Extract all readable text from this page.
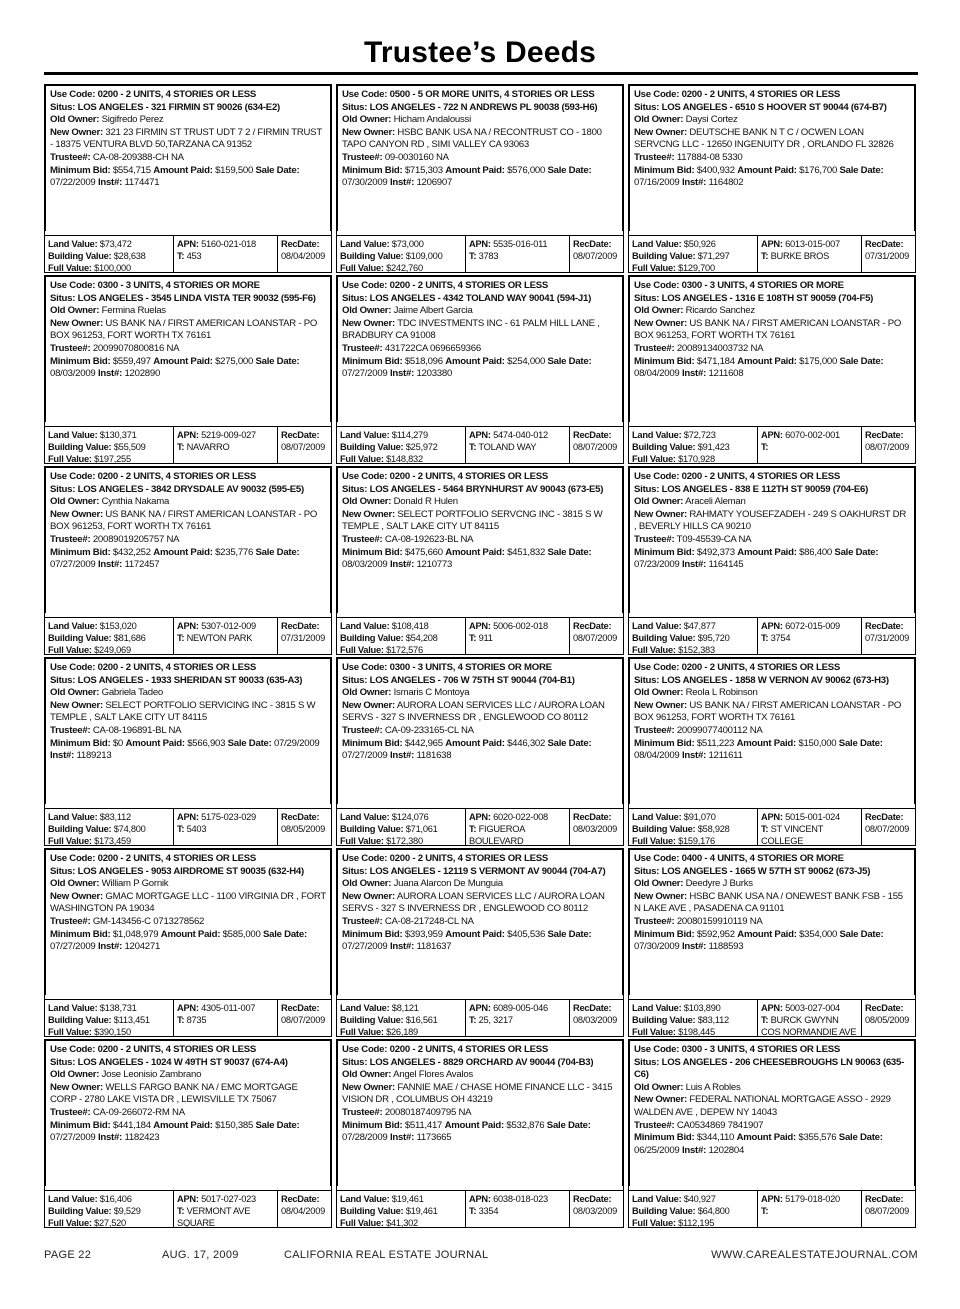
Trustee’s Deeds
Use Code: 0200 - 2 UNITS, 4 STORIES OR LESS
Situs: LOS ANGELES - 321 FIRMIN ST 90026 (634-E2)
Old Owner: Sigifredo Perez
New Owner: 321 23 FIRMIN ST TRUST UDT 7 2 / FIRMIN TRUST - 18375 VENTURA BLVD 50,TARZANA CA 91352
Trustee#: CA-08-209388-CH NA
Minimum Bid: $554,715 Amount Paid: $159,500 Sale Date: 07/22/2009 Inst#: 1174471
Land Value: $73,472
Building Value: $28,638
Full Value: $100,000
APN: 5160-021-018
T: 453
RecDate:
08/04/2009
Use Code: 0500 - 5 OR MORE UNITS, 4 STORIES OR LESS
Situs: LOS ANGELES - 722 N ANDREWS PL 90038 (593-H6)
Old Owner: Hicham Andaloussi
New Owner: HSBC BANK USA NA / RECONTRUST CO - 1800 TAPO CANYON RD , SIMI VALLEY CA 93063
Trustee#: 09-0030160 NA
Minimum Bid: $715,303 Amount Paid: $576,000 Sale Date: 07/30/2009 Inst#: 1206907
Land Value: $73,000
Building Value: $109,000
Full Value: $242,760
APN: 5535-016-011
T: 3783
RecDate:
08/07/2009
Use Code: 0200 - 2 UNITS, 4 STORIES OR LESS
Situs: LOS ANGELES - 6510 S HOOVER ST 90044 (674-B7)
Old Owner: Daysi Cortez
New Owner: DEUTSCHE BANK N T C / OCWEN LOAN SERVCNG LLC - 12650 INGENUITY DR , ORLANDO FL 32826
Trustee#: 117884-08 5330
Minimum Bid: $400,932 Amount Paid: $176,700 Sale Date: 07/16/2009 Inst#: 1164802
Land Value: $50,926
Building Value: $71,297
Full Value: $129,700
APN: 6013-015-007
T: BURKE BROS
RecDate:
07/31/2009
Use Code: 0300 - 3 UNITS, 4 STORIES OR MORE
Situs: LOS ANGELES - 3545 LINDA VISTA TER 90032 (595-F6)
Old Owner: Fermina Ruelas
New Owner: US BANK NA / FIRST AMERICAN LOANSTAR - PO BOX 961253, FORT WORTH TX 76161
Trustee#: 20099070800816 NA
Minimum Bid: $559,497 Amount Paid: $275,000 Sale Date: 08/03/2009 Inst#: 1202890
Land Value: $130,371
Building Value: $55,509
Full Value: $197,255
APN: 5219-009-027
T: NAVARRO
RecDate:
08/07/2009
Use Code: 0200 - 2 UNITS, 4 STORIES OR LESS
Situs: LOS ANGELES - 4342 TOLAND WAY 90041 (594-J1)
Old Owner: Jaime Albert Garcia
New Owner: TDC INVESTMENTS INC - 61 PALM HILL LANE , BRADBURY CA 91008
Trustee#: 431722CA 0696659366
Minimum Bid: $518,096 Amount Paid: $254,000 Sale Date: 07/27/2009 Inst#: 1203380
Land Value: $114,279
Building Value: $25,972
Full Value: $148,832
APN: 5474-040-012
T: TOLAND WAY
RecDate:
08/07/2009
Use Code: 0300 - 3 UNITS, 4 STORIES OR MORE
Situs: LOS ANGELES - 1316 E 108TH ST 90059 (704-F5)
Old Owner: Ricardo Sanchez
New Owner: US BANK NA / FIRST AMERICAN LOANSTAR - PO BOX 961253, FORT WORTH TX 76161
Trustee#: 20089134003732 NA
Minimum Bid: $471,184 Amount Paid: $175,000 Sale Date: 08/04/2009 Inst#: 1211608
Land Value: $72,723
Building Value: $91,423
Full Value: $170,928
APN: 6070-002-001
T:
RecDate:
08/07/2009
Use Code: 0200 - 2 UNITS, 4 STORIES OR LESS
Situs: LOS ANGELES - 3842 DRYSDALE AV 90032 (595-E5)
Old Owner: Cynthia Nakama
New Owner: US BANK NA / FIRST AMERICAN LOANSTAR - PO BOX 961253, FORT WORTH TX 76161
Trustee#: 20089019205757 NA
Minimum Bid: $432,252 Amount Paid: $235,776 Sale Date: 07/27/2009 Inst#: 1172457
Land Value: $153,020
Building Value: $81,686
Full Value: $249,069
APN: 5307-012-009
T: NEWTON PARK
RecDate:
07/31/2009
Use Code: 0200 - 2 UNITS, 4 STORIES OR LESS
Situs: LOS ANGELES - 5464 BRYNHURST AV 90043 (673-E5)
Old Owner: Donald R Hulen
New Owner: SELECT PORTFOLIO SERVCNG INC - 3815 S W TEMPLE , SALT LAKE CITY UT 84115
Trustee#: CA-08-192623-BL NA
Minimum Bid: $475,660 Amount Paid: $451,832 Sale Date: 08/03/2009 Inst#: 1210773
Land Value: $108,418
Building Value: $54,208
Full Value: $172,576
APN: 5006-002-018
T: 911
RecDate:
08/07/2009
Use Code: 0200 - 2 UNITS, 4 STORIES OR LESS
Situs: LOS ANGELES - 838 E 112TH ST 90059 (704-E6)
Old Owner: Araceli Aleman
New Owner: RAHMATY YOUSEFZADEH - 249 S OAKHURST DR , BEVERLY HILLS CA 90210
Trustee#: T09-45539-CA NA
Minimum Bid: $492,373 Amount Paid: $86,400 Sale Date: 07/23/2009 Inst#: 1164145
Land Value: $47,877
Building Value: $95,720
Full Value: $152,383
APN: 6072-015-009
T: 3754
RecDate:
07/31/2009
Use Code: 0200 - 2 UNITS, 4 STORIES OR LESS
Situs: LOS ANGELES - 1933 SHERIDAN ST 90033 (635-A3)
Old Owner: Gabriela Tadeo
New Owner: SELECT PORTFOLIO SERVICING INC - 3815 S W TEMPLE , SALT LAKE CITY UT 84115
Trustee#: CA-08-196891-BL NA
Minimum Bid: $0 Amount Paid: $566,903 Sale Date: 07/29/2009 Inst#: 1189213
Land Value: $83,112
Building Value: $74,800
Full Value: $173,459
APN: 5175-023-029
T: 5403
RecDate:
08/05/2009
Use Code: 0300 - 3 UNITS, 4 STORIES OR MORE
Situs: LOS ANGELES - 706 W 75TH ST 90044 (704-B1)
Old Owner: Ismaris C Montoya
New Owner: AURORA LOAN SERVICES LLC / AURORA LOAN SERVS - 327 S INVERNESS DR , ENGLEWOOD CO 80112
Trustee#: CA-09-233165-CL NA
Minimum Bid: $442,965 Amount Paid: $446,302 Sale Date: 07/27/2009 Inst#: 1181638
Land Value: $124,076
Building Value: $71,061
Full Value: $172,380
APN: 6020-022-008
T: FIGUEROA BOULEVARD
RecDate:
08/03/2009
Use Code: 0200 - 2 UNITS, 4 STORIES OR LESS
Situs: LOS ANGELES - 1858 W VERNON AV 90062 (673-H3)
Old Owner: Reola L Robinson
New Owner: US BANK NA / FIRST AMERICAN LOANSTAR - PO BOX 961253, FORT WORTH TX 76161
Trustee#: 20099077400112 NA
Minimum Bid: $511,223 Amount Paid: $150,000 Sale Date: 08/04/2009 Inst#: 1211611
Land Value: $91,070
Building Value: $58,928
Full Value: $159,176
APN: 5015-001-024
T: ST VINCENT COLLEGE
RecDate:
08/07/2009
Use Code: 0200 - 2 UNITS, 4 STORIES OR LESS
Situs: LOS ANGELES - 9053 AIRDROME ST 90035 (632-H4)
Old Owner: William P Gornik
New Owner: GMAC MORTGAGE LLC - 1100 VIRGINIA DR , FORT WASHINGTON PA 19034
Trustee#: GM-143456-C 0713278562
Minimum Bid: $1,048,979 Amount Paid: $585,000 Sale Date: 07/27/2009 Inst#: 1204271
Land Value: $138,731
Building Value: $113,451
Full Value: $390,150
APN: 4305-011-007
T: 8735
RecDate:
08/07/2009
Use Code: 0200 - 2 UNITS, 4 STORIES OR LESS
Situs: LOS ANGELES - 12119 S VERMONT AV 90044 (704-A7)
Old Owner: Juana Alarcon De Munguia
New Owner: AURORA LOAN SERVICES LLC / AURORA LOAN SERVS - 327 S INVERNESS DR , ENGLEWOOD CO 80112
Trustee#: CA-08-217248-CL NA
Minimum Bid: $393,959 Amount Paid: $405,536 Sale Date: 07/27/2009 Inst#: 1181637
Land Value: $8,121
Building Value: $16,561
Full Value: $26,189
APN: 6089-005-046
T: 25, 3217
RecDate:
08/03/2009
Use Code: 0400 - 4 UNITS, 4 STORIES OR MORE
Situs: LOS ANGELES - 1665 W 57TH ST 90062 (673-J5)
Old Owner: Deedyre J Burks
New Owner: HSBC BANK USA NA / ONEWEST BANK FSB - 155 N LAKE AVE , PASADENA CA 91101
Trustee#: 20080159910119 NA
Minimum Bid: $592,952 Amount Paid: $354,000 Sale Date: 07/30/2009 Inst#: 1188593
Land Value: $103,890
Building Value: $83,112
Full Value: $198,445
APN: 5003-027-004
T: BURCK GWYNN COS NORMANDIE AVE
RecDate:
08/05/2009
Use Code: 0200 - 2 UNITS, 4 STORIES OR LESS
Situs: LOS ANGELES - 1024 W 49TH ST 90037 (674-A4)
Old Owner: Jose Leonisio Zambrano
New Owner: WELLS FARGO BANK NA / EMC MORTGAGE CORP - 2780 LAKE VISTA DR , LEWISVILLE TX 75067
Trustee#: CA-09-266072-RM NA
Minimum Bid: $441,184 Amount Paid: $150,385 Sale Date: 07/27/2009 Inst#: 1182423
Land Value: $16,406
Building Value: $9,529
Full Value: $27,520
APN: 5017-027-023
T: VERMONT AVE SQUARE
RecDate:
08/04/2009
Use Code: 0200 - 2 UNITS, 4 STORIES OR LESS
Situs: LOS ANGELES - 8829 ORCHARD AV 90044 (704-B3)
Old Owner: Angel Flores Avalos
New Owner: FANNIE MAE / CHASE HOME FINANCE LLC - 3415 VISION DR , COLUMBUS OH 43219
Trustee#: 20080187409795 NA
Minimum Bid: $511,417 Amount Paid: $532,876 Sale Date: 07/28/2009 Inst#: 1173665
Land Value: $19,461
Building Value: $19,461
Full Value: $41,302
APN: 6038-018-023
T: 3354
RecDate:
08/03/2009
Use Code: 0300 - 3 UNITS, 4 STORIES OR LESS
Situs: LOS ANGELES - 206 CHEESEBROUGHS LN 90063 (635-C6)
Old Owner: Luis A Robles
New Owner: FEDERAL NATIONAL MORTGAGE ASSO - 2929 WALDEN AVE , DEPEW NY 14043
Trustee#: CA0534869 7841907
Minimum Bid: $344,110 Amount Paid: $355,576 Sale Date: 06/25/2009 Inst#: 1202804
Land Value: $40,927
Building Value: $64,800
Full Value: $112,195
APN: 5179-018-020
T:
RecDate:
08/07/2009
PAGE 22	AUG. 17, 2009	CALIFORNIA REAL ESTATE JOURNAL	WWW.CAREALESTATEJOURNAL.COM
